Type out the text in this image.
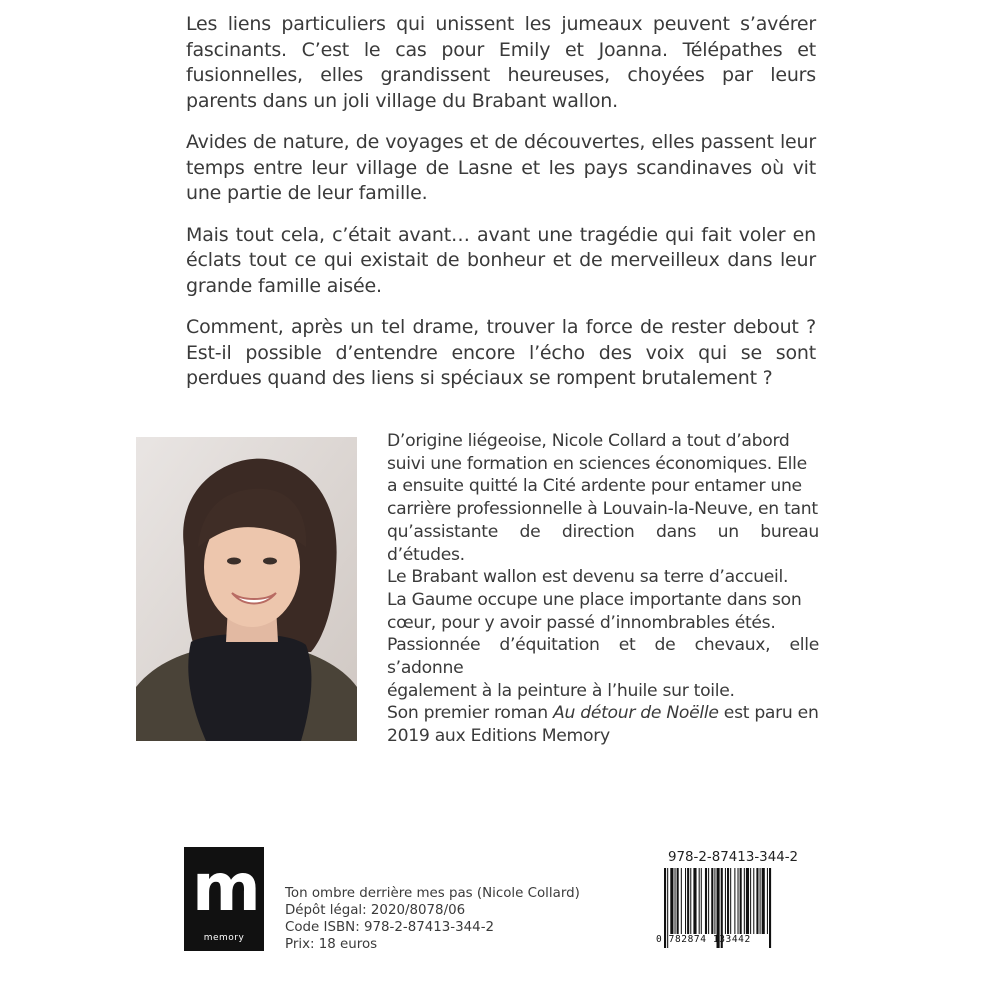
Les liens particuliers qui unissent les jumeaux peuvent s’avérer fascinants. C’est le cas pour Emily et Joanna. Télépathes et fusionnelles, elles grandissent heureuses, choyées par leurs parents dans un joli village du Brabant wallon.

Avides de nature, de voyages et de découvertes, elles passent leur temps entre leur village de Lasne et les pays scandinaves où vit une partie de leur famille.

Mais tout cela, c’était avant… avant une tragédie qui fait voler en éclats tout ce qui existait de bonheur et de merveilleux dans leur grande famille aisée.

Comment, après un tel drame, trouver la force de rester debout ? Est-il possible d’entendre encore l’écho des voix qui se sont perdues quand des liens si spéciaux se rompent brutalement ?

D’origine liégeoise, Nicole Collard a tout d’abord
suivi une formation en sciences économiques. Elle
a ensuite quitté la Cité ardente pour entamer une
carrière professionnelle à Louvain-la-Neuve, en tant
qu’assistante de direction dans un bureau d’études.
Le Brabant wallon est devenu sa terre d’accueil.
La Gaume occupe une place importante dans son
cœur, pour y avoir passé d’innombrables étés.
Passionnée d’équitation et de chevaux, elle s’adonne
également à la peinture à l’huile sur toile.
Son premier roman Au détour de Noëlle est paru en
2019 aux Editions Memory
m
memory
Ton ombre derrière mes pas (Nicole Collard)
Dépôt légal: 2020/8078/06
Code ISBN: 978-2-87413-344-2
Prix: 18 euros
978-2-87413-344-2
0 782874 133442
